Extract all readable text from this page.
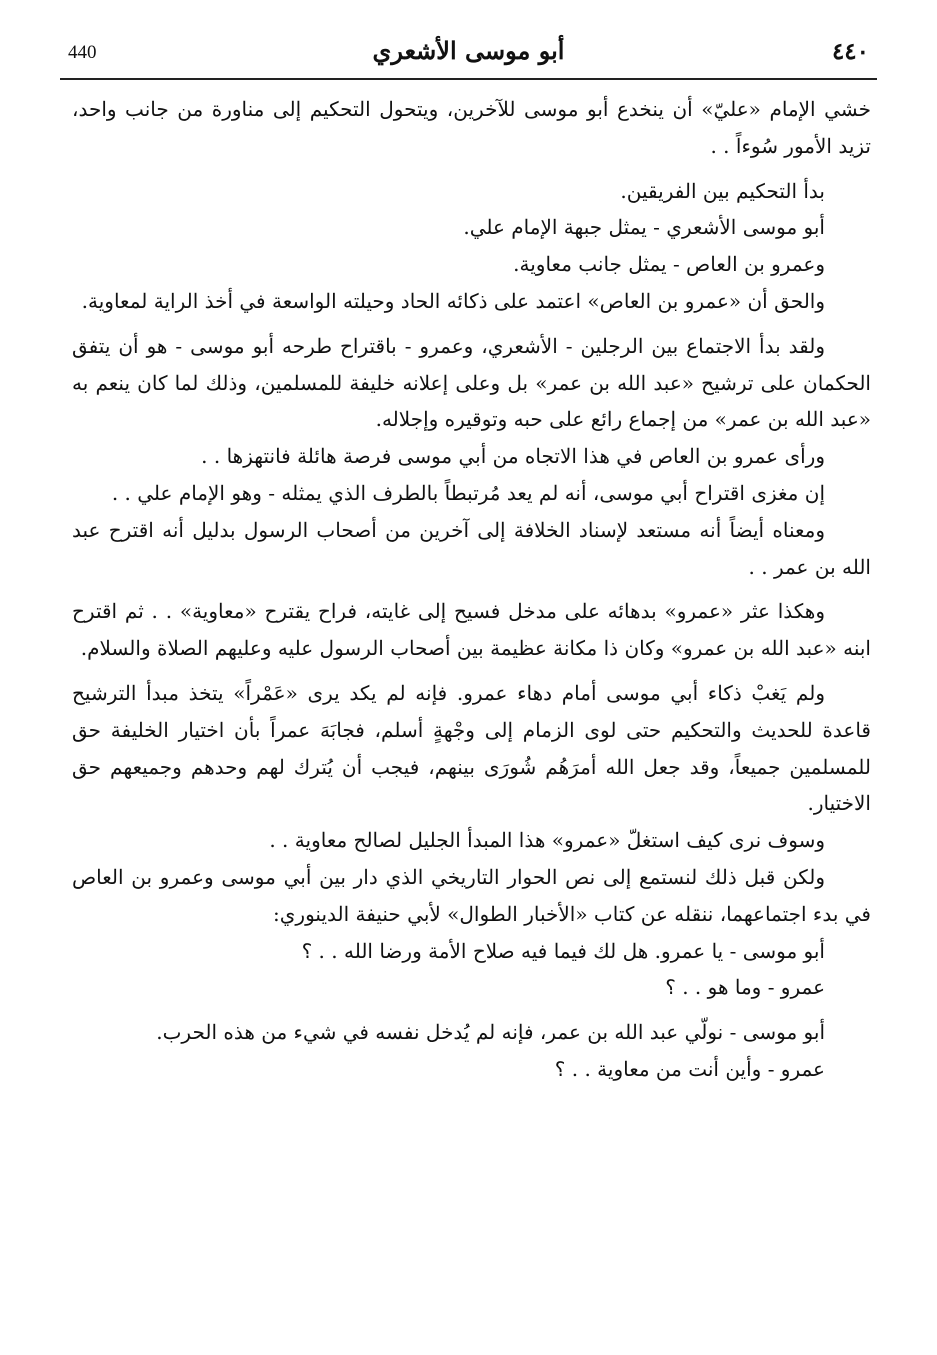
440	أبو موسى الأشعري	٤٤٠

خشي الإمام «عليّ» أن ينخدع أبو موسى للآخرين، ويتحول التحكيم إلى مناورة من جانب واحد، تزيد الأمور سُوءاً . .

بدأ التحكيم بين الفريقين.

أبو موسى الأشعري - يمثل جبهة الإمام علي.

وعمرو بن العاص - يمثل جانب معاوية.

والحق أن «عمرو بن العاص» اعتمد على ذكائه الحاد وحيلته الواسعة في أخذ الراية لمعاوية.

ولقد بدأ الاجتماع بين الرجلين - الأشعري، وعمرو - باقتراح طرحه أبو موسى - هو أن يتفق الحكمان على ترشيح «عبد الله بن عمر» بل وعلى إعلانه خليفة للمسلمين، وذلك لما كان ينعم به «عبد الله بن عمر» من إجماع رائع على حبه وتوقيره وإجلاله.

ورأى عمرو بن العاص في هذا الاتجاه من أبي موسى فرصة هائلة فانتهزها . .

إن مغزى اقتراح أبي موسى، أنه لم يعد مُرتبطاً بالطرف الذي يمثله - وهو الإمام علي . .

ومعناه أيضاً أنه مستعد لإسناد الخلافة إلى آخرين من أصحاب الرسول بدليل أنه اقترح عبد الله بن عمر . .

وهكذا عثر «عمرو» بدهائه على مدخل فسيح إلى غايته، فراح يقترح «معاوية» . . ثم اقترح ابنه «عبد الله بن عمرو» وكان ذا مكانة عظيمة بين أصحاب الرسول عليه وعليهم الصلاة والسلام.

ولم يَغبْ ذكاء أبي موسى أمام دهاء عمرو. فإنه لم يكد يرى «عَمْراً» يتخذ مبدأ الترشيح قاعدة للحديث والتحكيم حتى لوى الزمام إلى وجْهةٍ أسلم، فجابَهَ عمراً بأن اختيار الخليفة حق للمسلمين جميعاً، وقد جعل الله أمرَهُم شُورَى بينهم، فيجب أن يُترك لهم وحدهم وجميعهم حق الاختيار.

وسوف نرى كيف استغلّ «عمرو» هذا المبدأ الجليل لصالح معاوية . .

ولكن قبل ذلك لنستمع إلى نص الحوار التاريخي الذي دار بين أبي موسى وعمرو بن العاص في بدء اجتماعهما، ننقله عن كتاب «الأخبار الطوال» لأبي حنيفة الدينوري:

أبو موسى - يا عمرو. هل لك فيما فيه صلاح الأمة ورضا الله . . ؟

عمرو - وما هو . . ؟

أبو موسى - نولّي عبد الله بن عمر، فإنه لم يُدخل نفسه في شيء من هذه الحرب.

عمرو - وأين أنت من معاوية . . ؟
